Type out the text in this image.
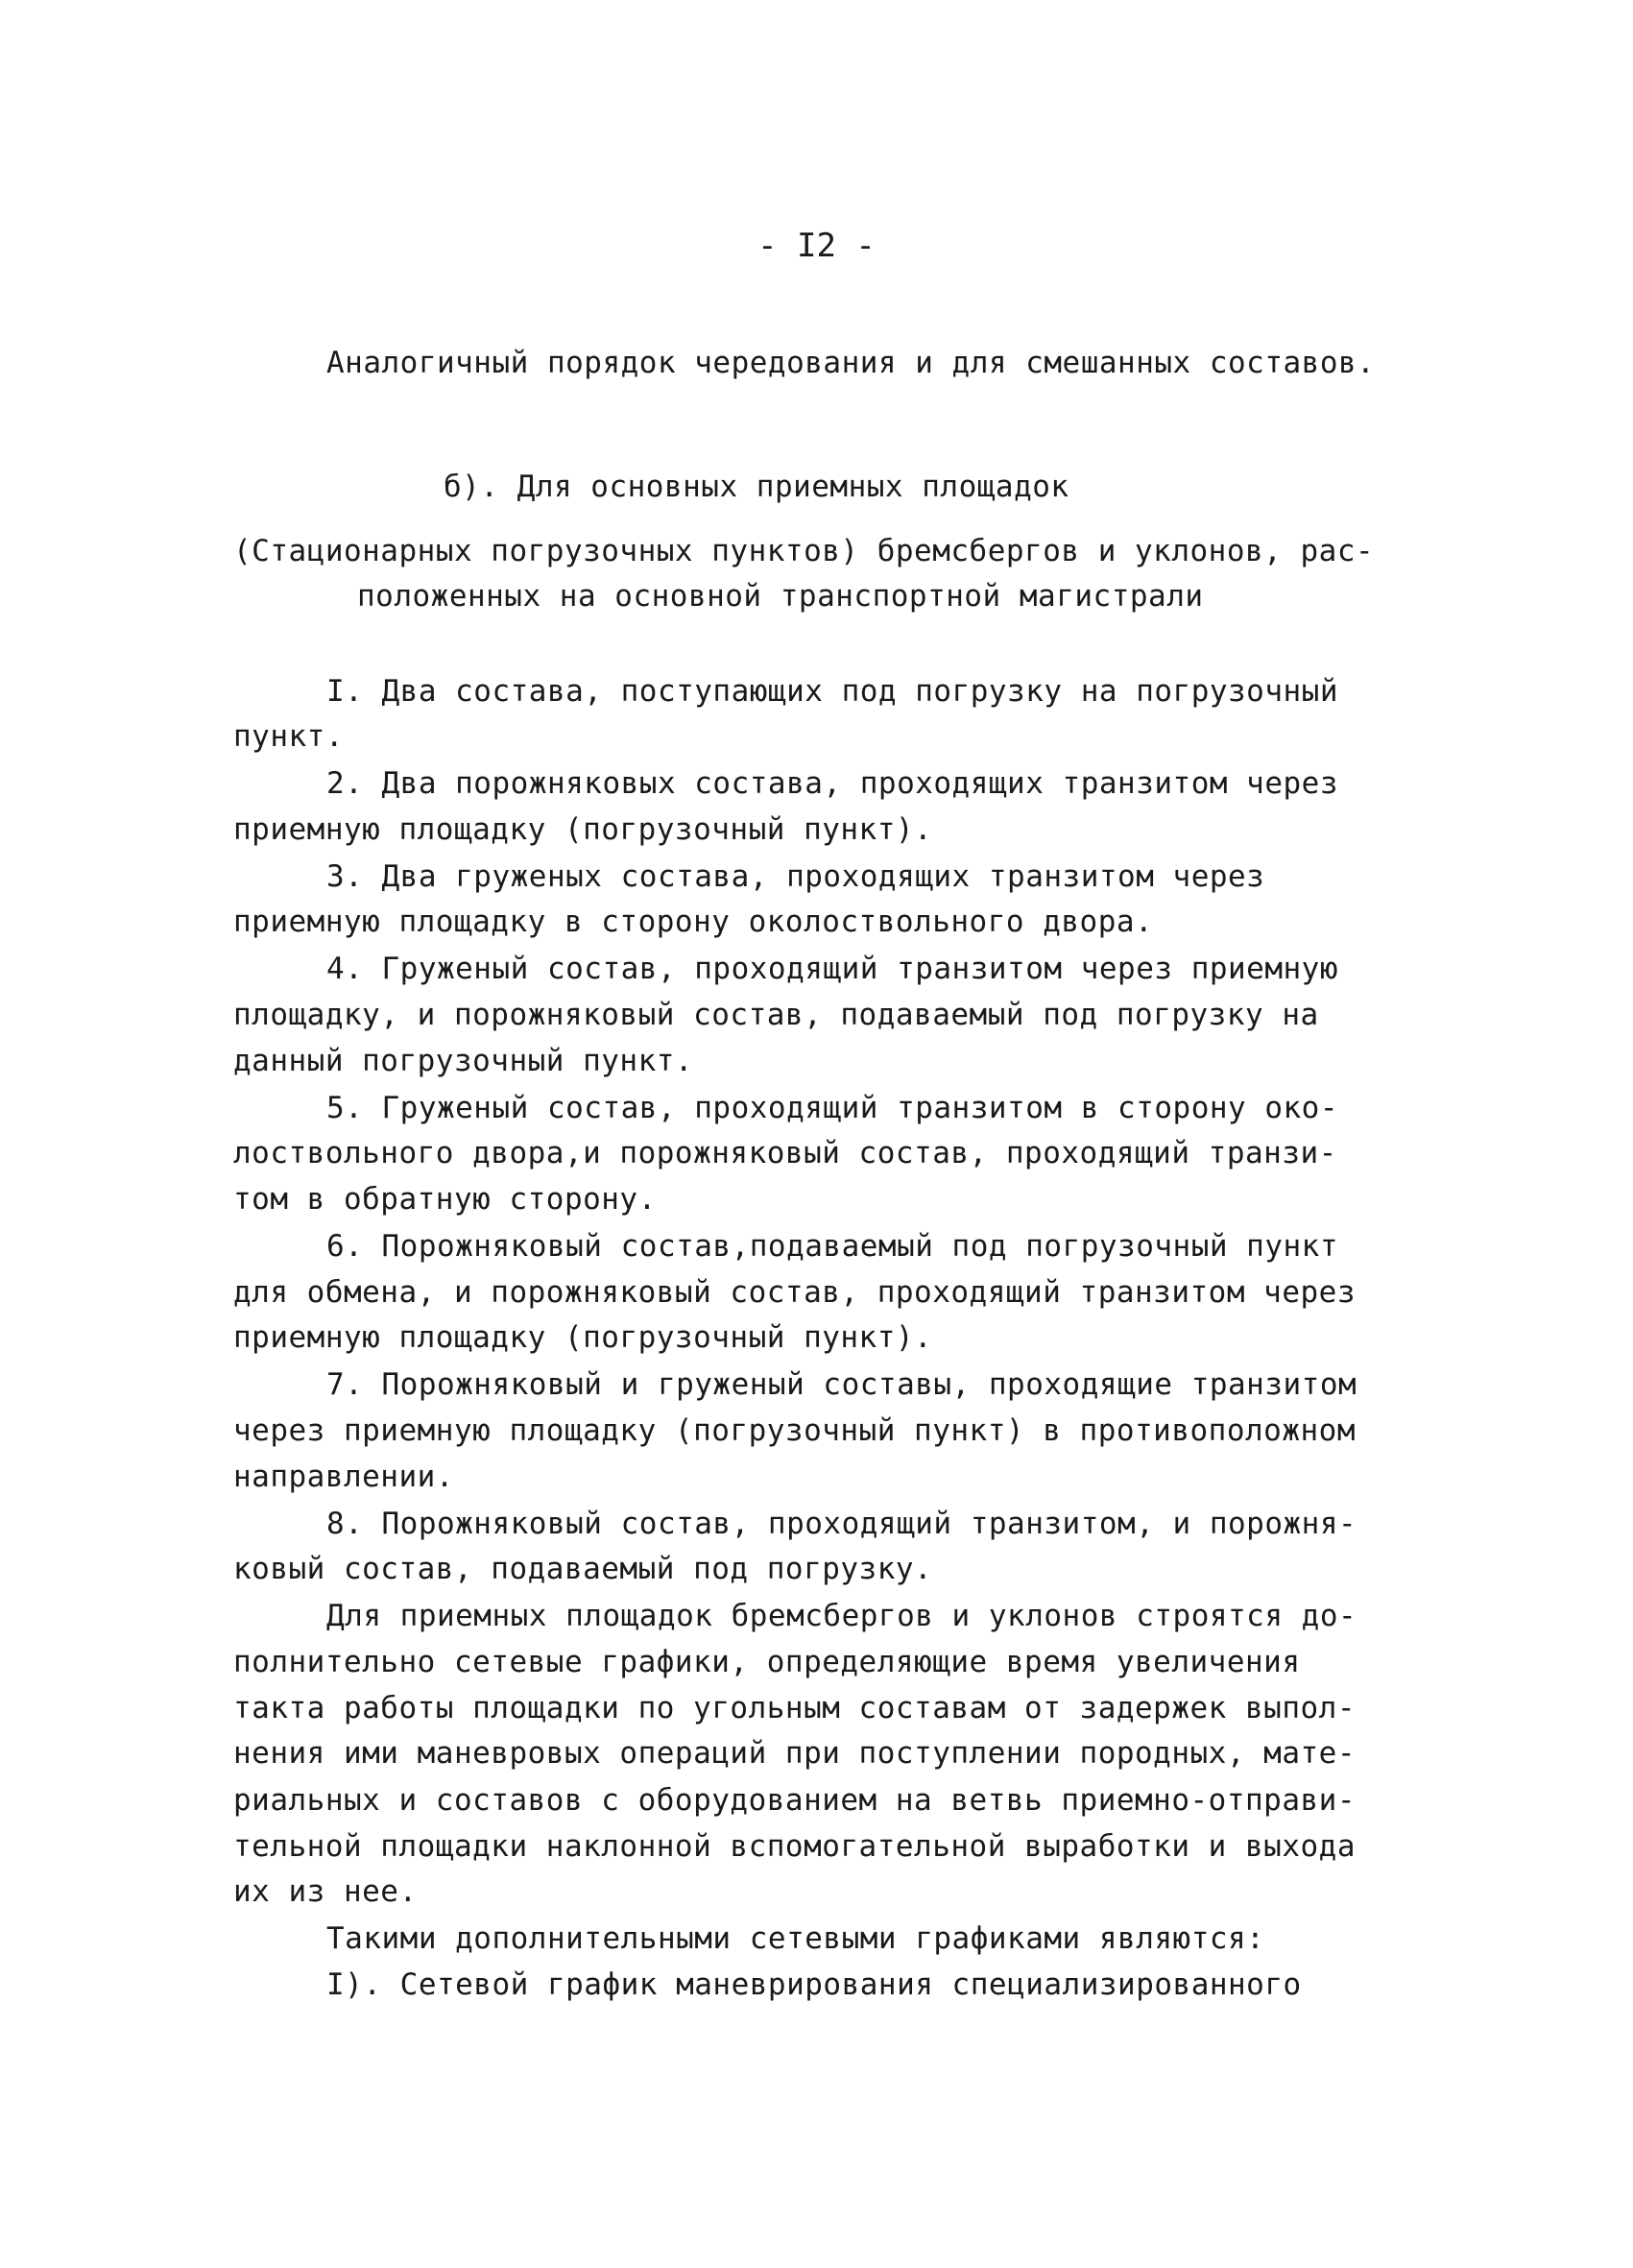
- I2 -
Аналогичный порядок чередования и для смешанных составов.
б). Для основных приемных площадок
(Стационарных погрузочных пунктов) бремсбергов и уклонов, рас-
положенных на основной транспортной магистрали
I. Два состава, поступающих под погрузку на погрузочный
пункт.
2. Два порожняковых состава, проходящих транзитом через
приемную площадку (погрузочный пункт).
3. Два груженых состава, проходящих транзитом через
приемную площадку в сторону околоствольного двора.
4. Груженый состав, проходящий транзитом через приемную
площадку, и порожняковый состав, подаваемый под погрузку на
данный погрузочный пункт.
5. Груженый состав, проходящий транзитом в сторону око-
лоствольного двора,и порожняковый состав, проходящий транзи-
том в обратную сторону.
6. Порожняковый состав,подаваемый под погрузочный пункт
для обмена, и порожняковый состав, проходящий транзитом через
приемную площадку (погрузочный пункт).
7. Порожняковый и груженый составы, проходящие транзитом
через приемную площадку (погрузочный пункт) в противоположном
направлении.
8. Порожняковый состав, проходящий транзитом, и порожня-
ковый состав, подаваемый под погрузку.
Для приемных площадок бремсбергов и уклонов строятся до-
полнительно сетевые графики, определяющие время увеличения
такта работы площадки по угольным составам от задержек выпол-
нения ими маневровых операций при поступлении породных, мате-
риальных и составов с оборудованием на ветвь приемно-отправи-
тельной площадки наклонной вспомогательной выработки и выхода
их из нее.
Такими дополнительными сетевыми графиками являются:
I). Сетевой график маневрирования специализированного
